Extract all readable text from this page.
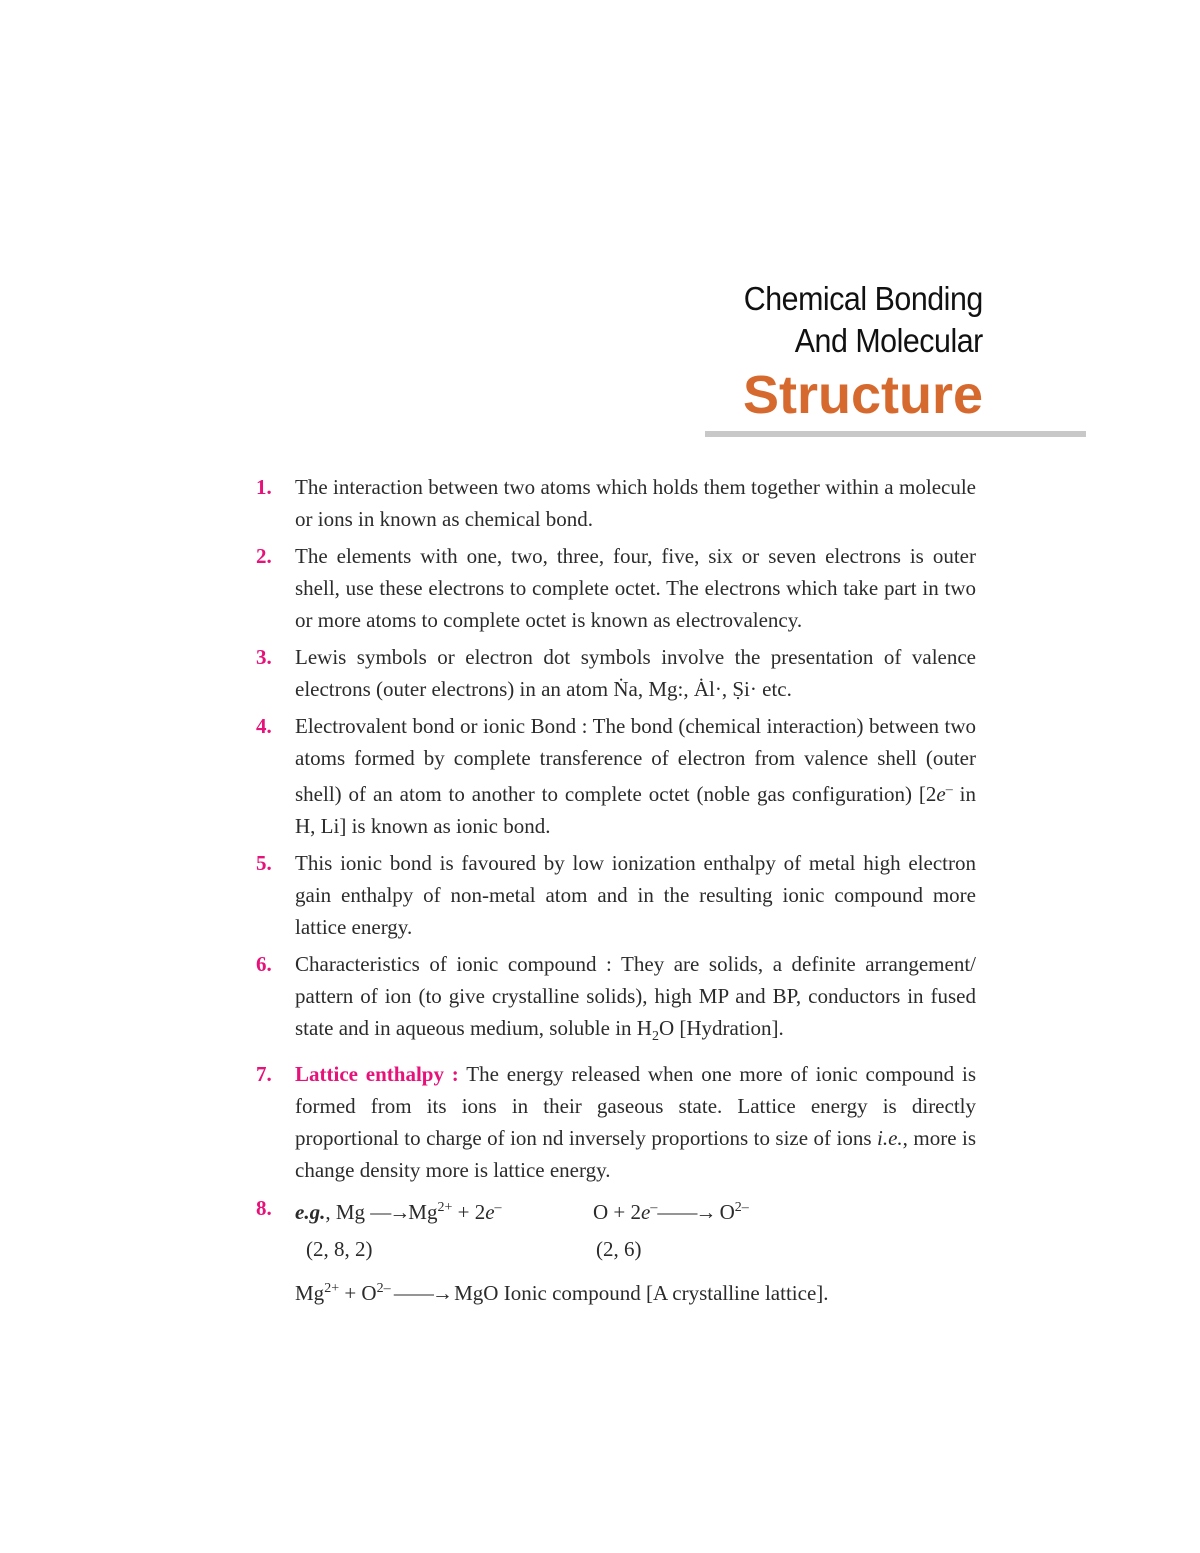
Chemical Bonding
And Molecular
Structure
1. The interaction between two atoms which holds them together within a molecule or ions in known as chemical bond.
2. The elements with one, two, three, four, five, six or seven electrons is outer shell, use these electrons to complete octet. The electrons which take part in two or more atoms to complete octet is known as electrovalency.
3. Lewis symbols or electron dot symbols involve the presentation of valence electrons (outer electrons) in an atom Ṅa, Mg:, Ȧl·, Ṣi· etc.
4. Electrovalent bond or ionic Bond : The bond (chemical interaction) between two atoms formed by complete transference of electron from valence shell (outer shell) of an atom to another to complete octet (noble gas configuration) [2e– in H, Li] is known as ionic bond.
5. This ionic bond is favoured by low ionization enthalpy of metal high electron gain enthalpy of non-metal atom and in the resulting ionic compound more lattice energy.
6. Characteristics of ionic compound : They are solids, a definite arrangement/ pattern of ion (to give crystalline solids), high MP and BP, conductors in fused state and in aqueous medium, soluble in $H_2O$ [Hydration].
7. Lattice enthalpy : The energy released when one more of ionic compound is formed from its ions in their gaseous state. Lattice energy is directly proportional to charge of ion nd inversely proportions to size of ions i.e., more is change density more is lattice energy.
8. e.g., Mg $—\to Mg^{2+} + 2e^-$	O + 2e–——→ $O^{2-}$
(2, 8, 2)	(2, 6)
$Mg^{2+} + O^{2-}$ ——→ MgO Ionic compound [A crystalline lattice].
